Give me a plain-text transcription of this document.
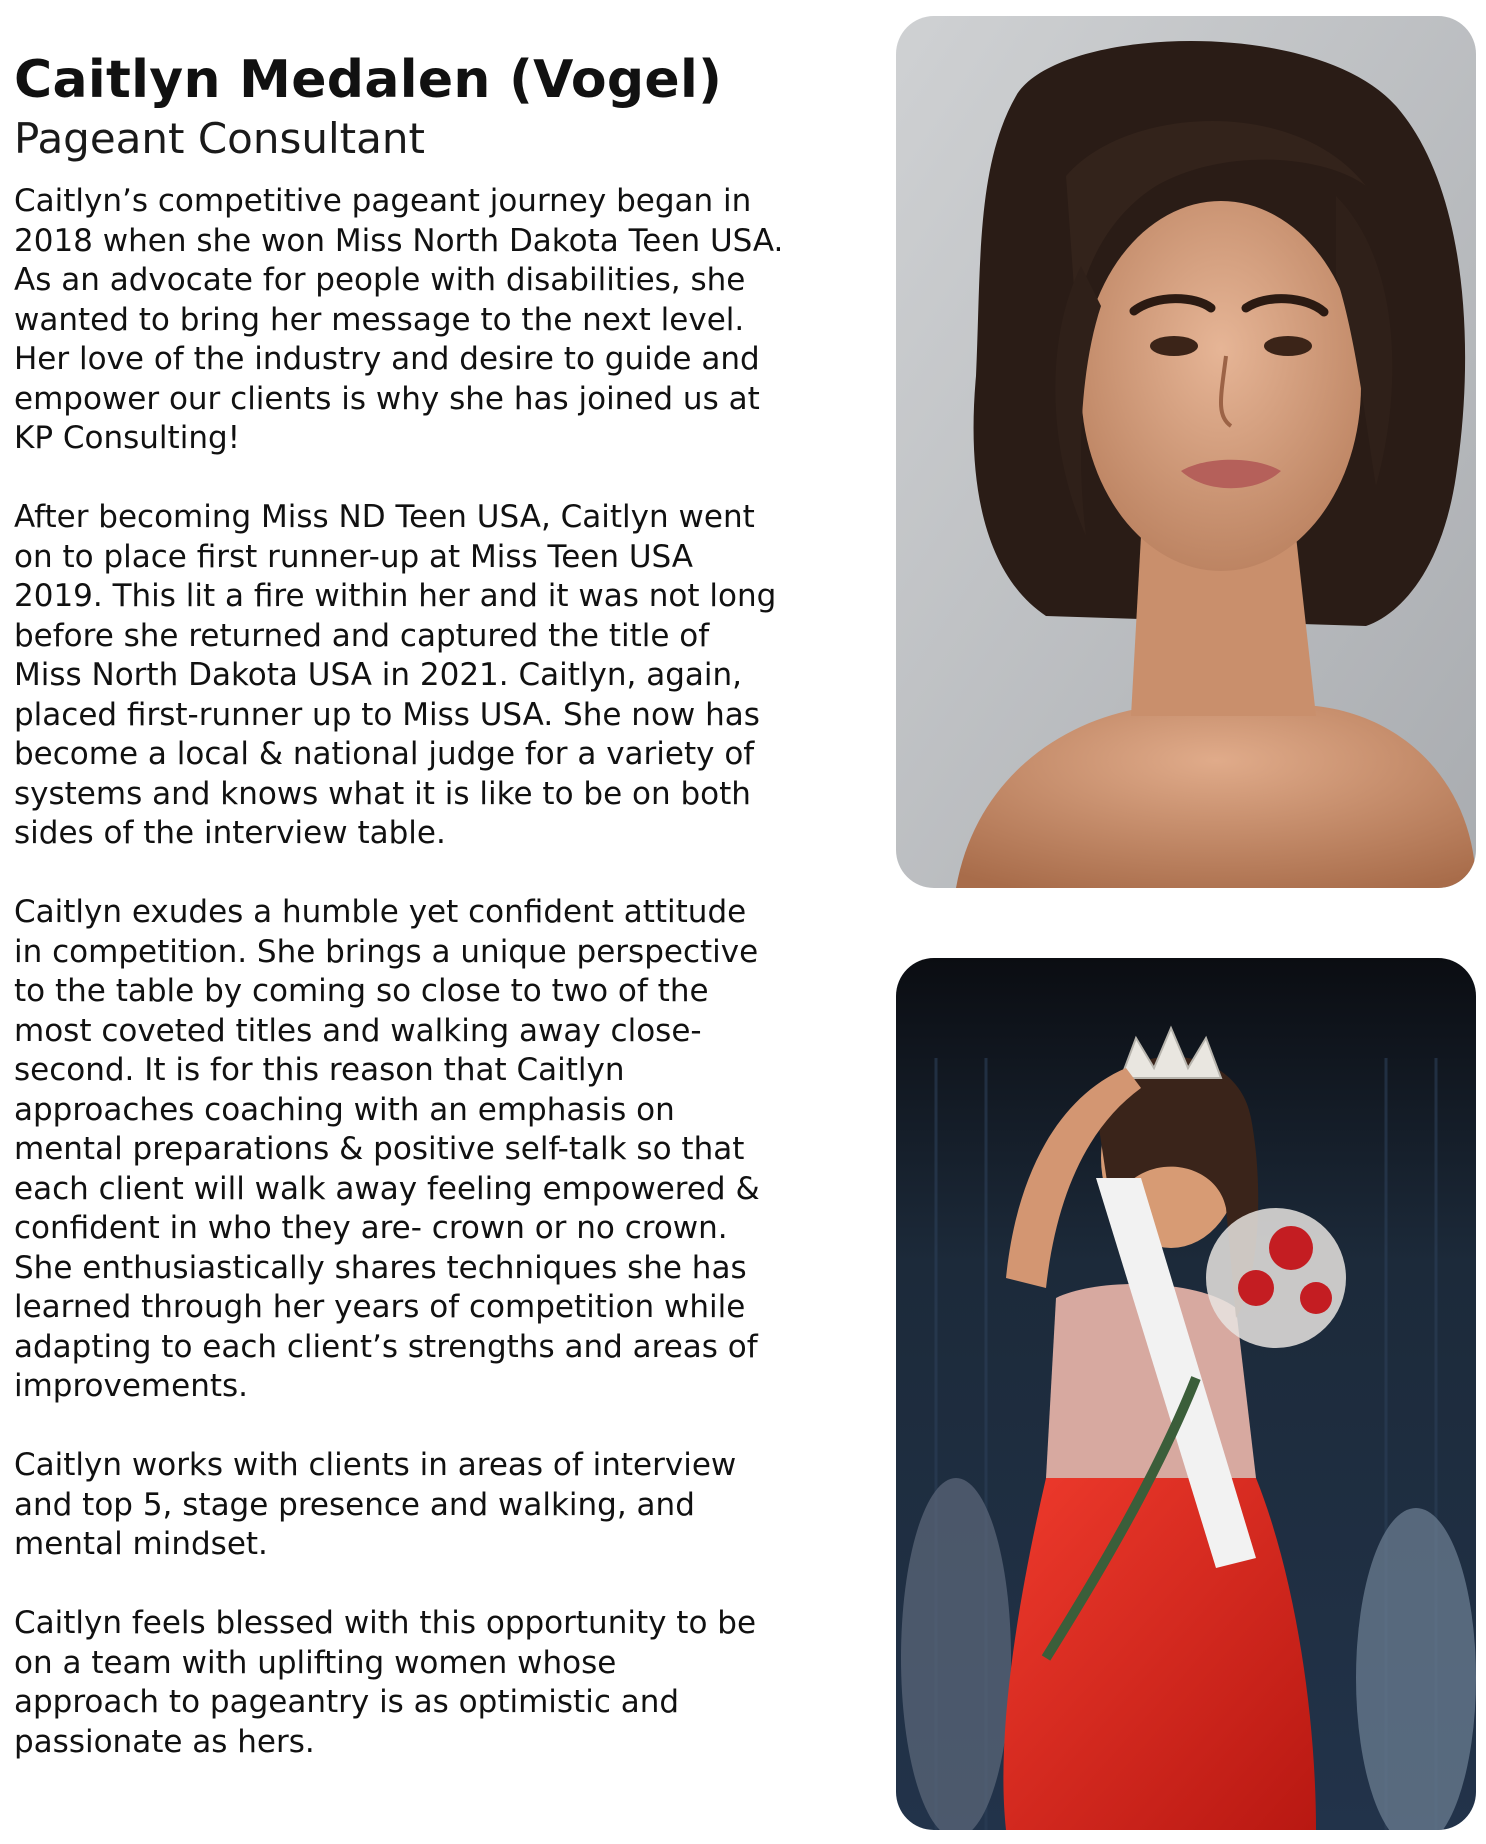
Caitlyn Medalen (Vogel)
Pageant Consultant

Caitlyn’s competitive pageant journey began in
2018 when she won Miss North Dakota Teen USA.
As an advocate for people with disabilities, she
wanted to bring her message to the next level.
Her love of the industry and desire to guide and
empower our clients is why she has joined us at
KP Consulting!

After becoming Miss ND Teen USA, Caitlyn went
on to place first runner-up at Miss Teen USA
2019. This lit a fire within her and it was not long
before she returned and captured the title of
Miss North Dakota USA in 2021. Caitlyn, again,
placed first-runner up to Miss USA. She now has
become a local & national judge for a variety of
systems and knows what it is like to be on both
sides of the interview table.

Caitlyn exudes a humble yet confident attitude
in competition. She brings a unique perspective
to the table by coming so close to two of the
most coveted titles and walking away close-
second. It is for this reason that Caitlyn
approaches coaching with an emphasis on
mental preparations & positive self-talk so that
each client will walk away feeling empowered &
confident in who they are- crown or no crown.
She enthusiastically shares techniques she has
learned through her years of competition while
adapting to each client’s strengths and areas of
improvements.

Caitlyn works with clients in areas of interview
and top 5, stage presence and walking, and
mental mindset.

Caitlyn feels blessed with this opportunity to be
on a team with uplifting women whose
approach to pageantry is as optimistic and
passionate as hers.
